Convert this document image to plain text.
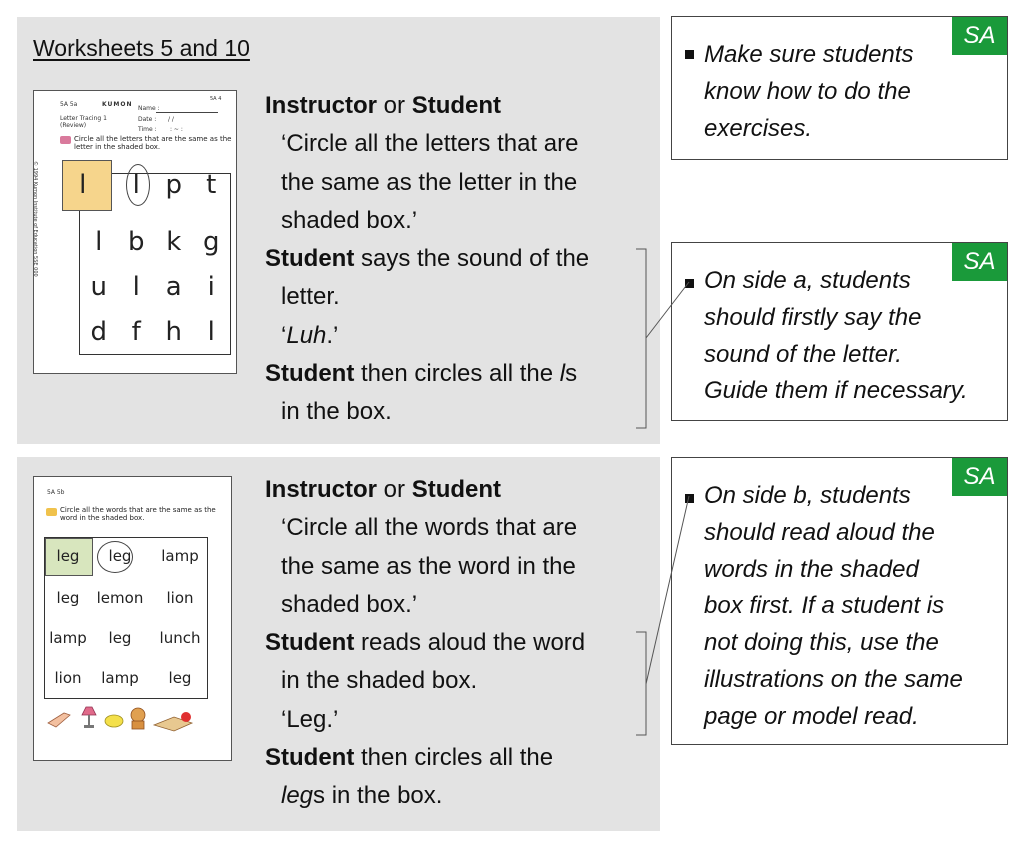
Worksheets 5 and 10
5A 5a	KUMON
5A 4
Name :
Letter Tracing 1
(Review)
Date : / /
Time : : ~ :
Circle all the letters that are the same as the
letter in the shaded box.
© 1994 Kumon Institute of Education 5SE 000	l	l p t
l b k g
u l a i
d f h l
Instructor or Student
‘Circle all the letters that are
the same as the letter in the
shaded box.’
Student says the sound of the
letter.
‘Luh.’
Student then circles all the ls
in the box.
5A 5b
Circle all the words that are the same as the
word in the shaded box.
leg	leg	lamp
leg	lemon	lion
lamp	leg	lunch
lion	lamp	leg
Instructor or Student
‘Circle all the words that are
the same as the word in the
shaded box.’
Student reads aloud the word
in the shaded box.
‘Leg.’
Student then circles all the
legs in the box.
SA
Make sure students
know how to do the
exercises.
SA
On side a, students
should firstly say the
sound of the letter.
Guide them if necessary.
SA
On side b, students
should read aloud the
words in the shaded
box first. If a student is
not doing this, use the
illustrations on the same
page or model read.
